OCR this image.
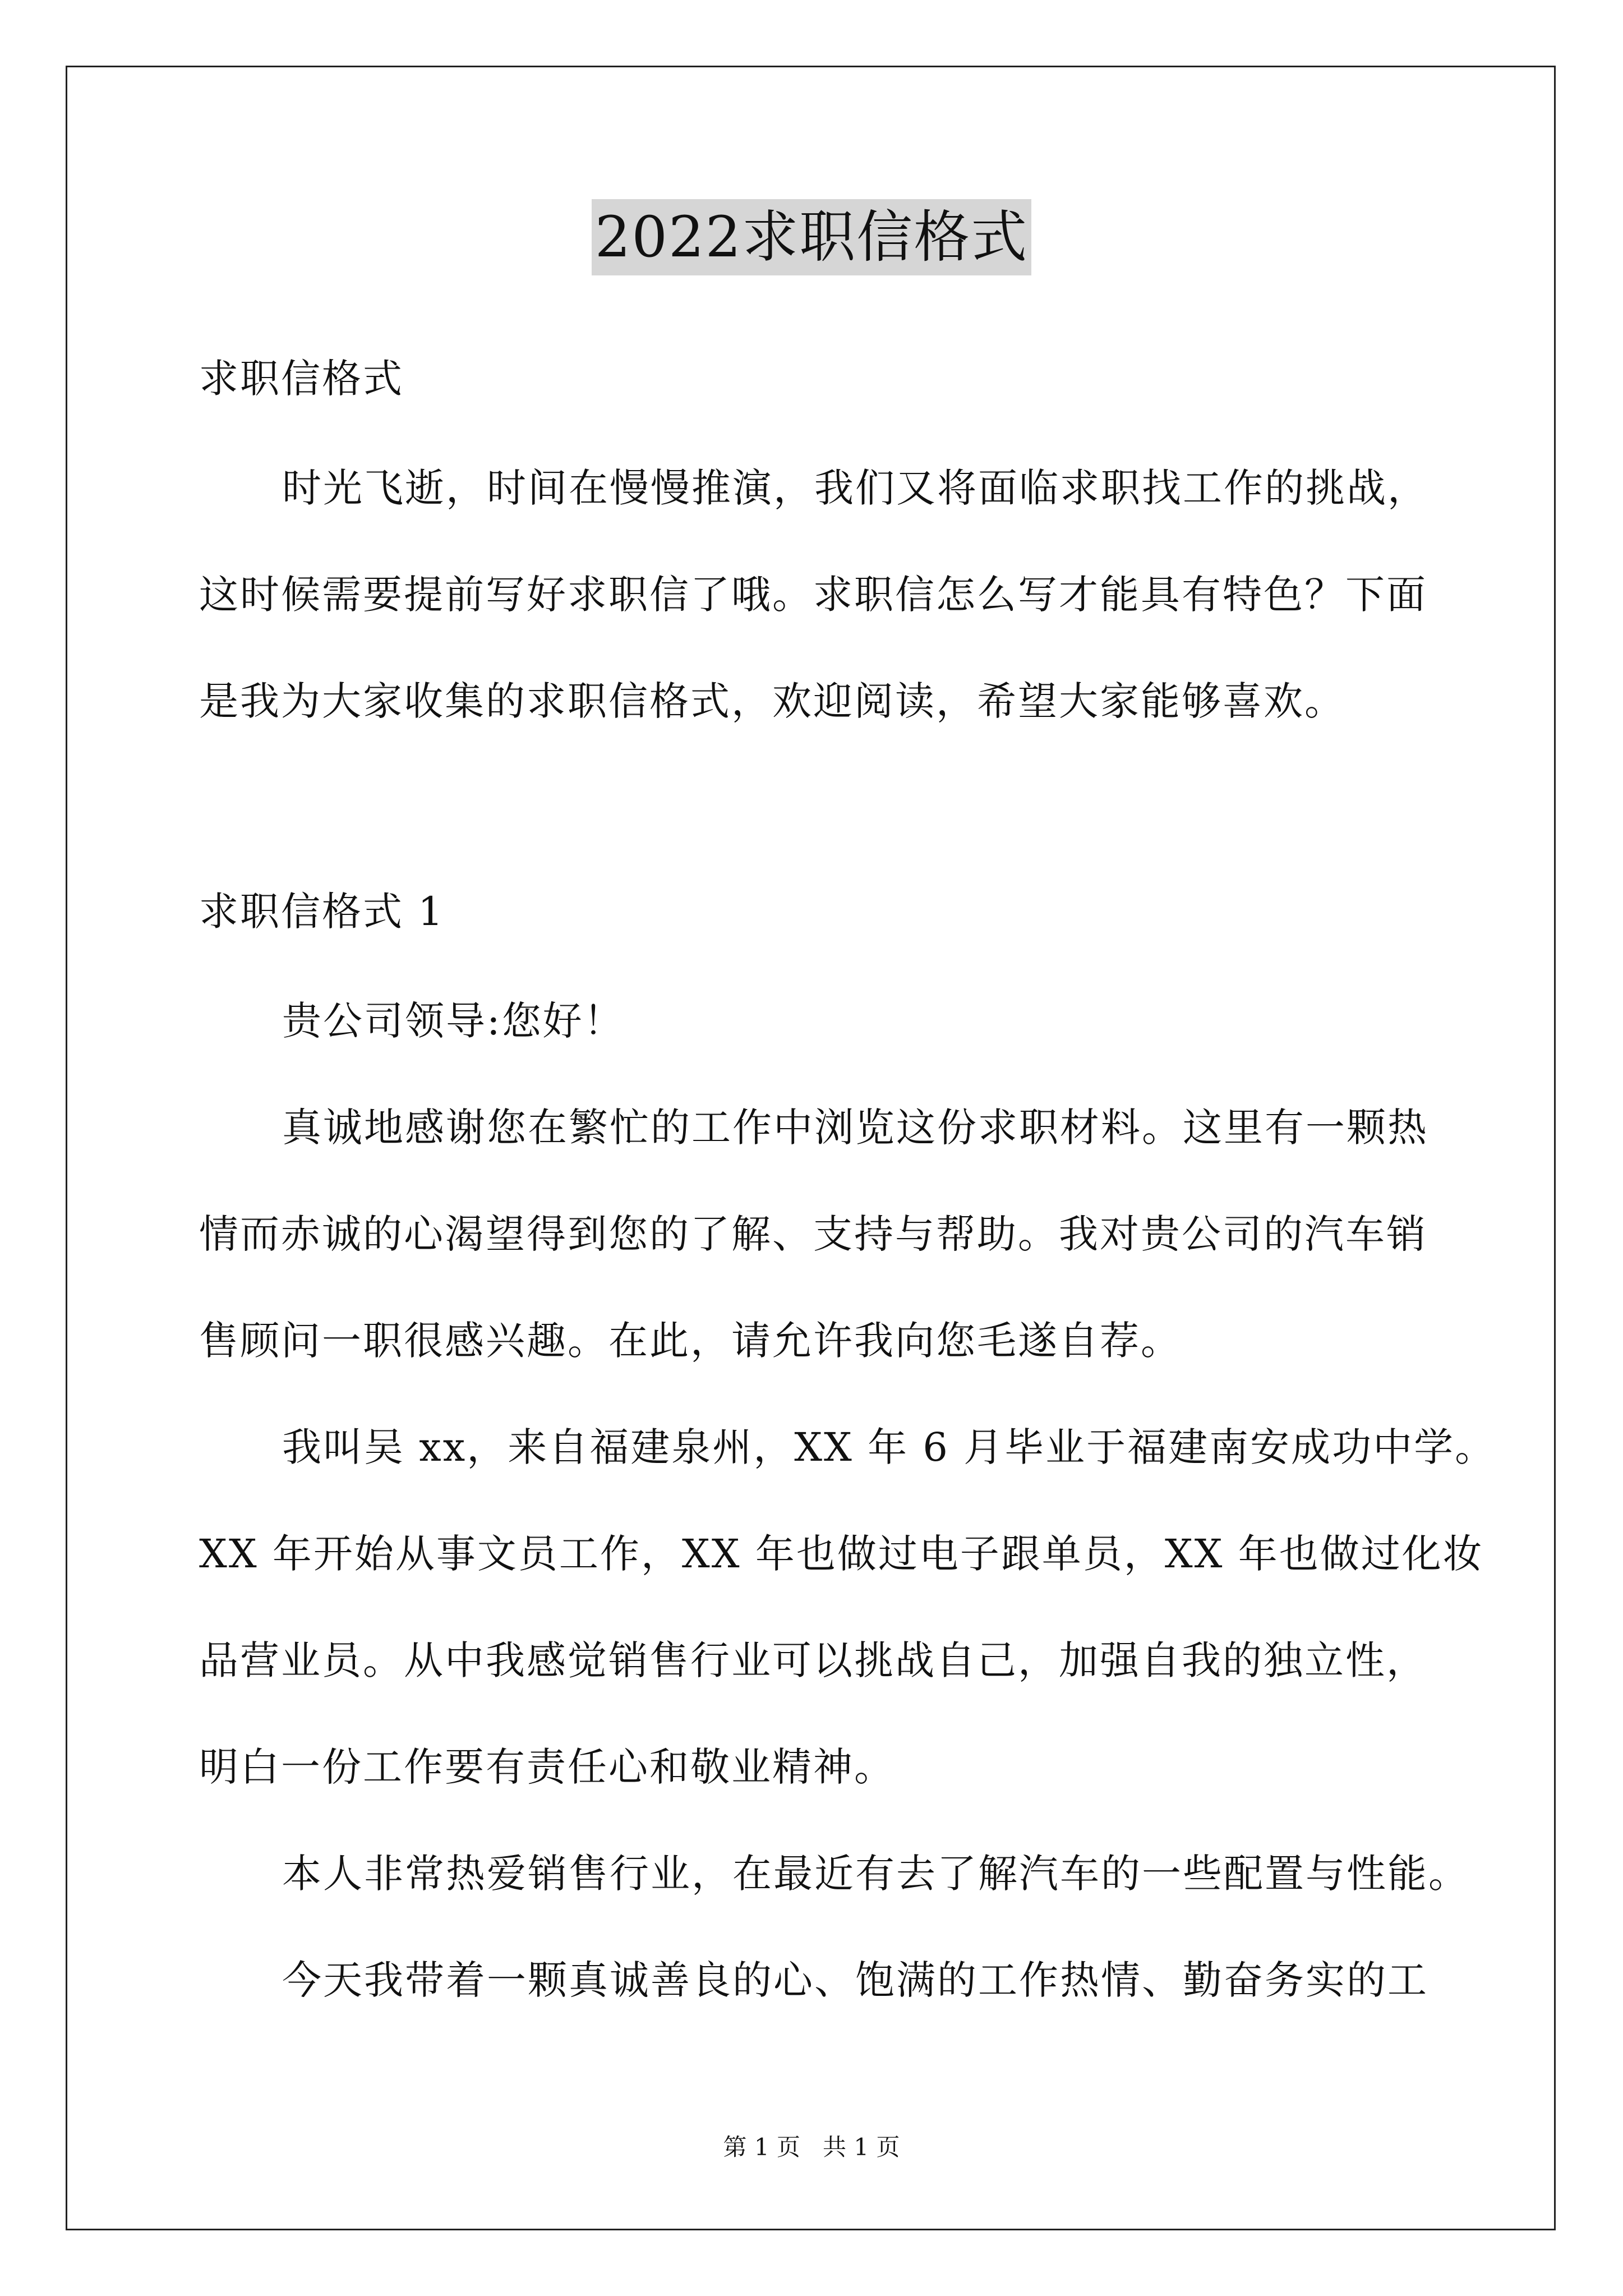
2022求职信格式
求职信格式
时光飞逝，时间在慢慢推演，我们又将面临求职找工作的挑战，
这时候需要提前写好求职信了哦。求职信怎么写才能具有特色？下面
是我为大家收集的求职信格式，欢迎阅读，希望大家能够喜欢。
求职信格式 1
贵公司领导:您好！
真诚地感谢您在繁忙的工作中浏览这份求职材料。这里有一颗热
情而赤诚的心渴望得到您的了解、支持与帮助。我对贵公司的汽车销
售顾问一职很感兴趣。在此，请允许我向您毛遂自荐。
我叫吴 xx，来自福建泉州，XX 年 6 月毕业于福建南安成功中学。
XX 年开始从事文员工作，XX 年也做过电子跟单员，XX 年也做过化妆
品营业员。从中我感觉销售行业可以挑战自己，加强自我的独立性，
明白一份工作要有责任心和敬业精神。
本人非常热爱销售行业，在最近有去了解汽车的一些配置与性能。
今天我带着一颗真诚善良的心、饱满的工作热情、勤奋务实的工
第 1 页   共 1 页
